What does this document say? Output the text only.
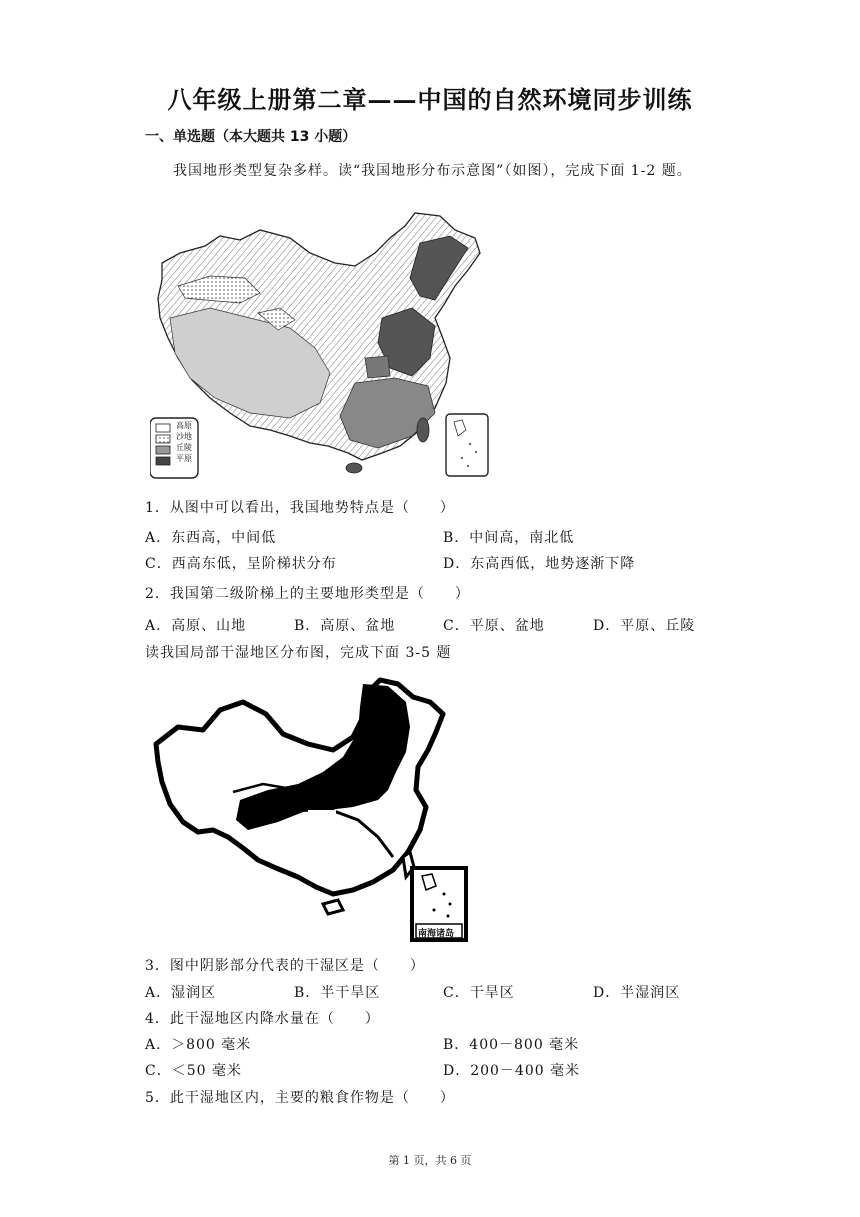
八年级上册第二章——中国的自然环境同步训练
一、单选题（本大题共 13 小题）
我国地形类型复杂多样。读“我国地形分布示意图”（如图），完成下面 1-2 题。
高原
沙地
丘陵
平原
1．从图中可以看出，我国地势特点是（　　）
A．东西高，中间低	B．中间高，南北低
C．西高东低，呈阶梯状分布	D．东高西低，地势逐渐下降
2．我国第二级阶梯上的主要地形类型是（　　）
A．高原、山地	B．高原、盆地	C．平原、盆地	D．平原、丘陵
读我国局部干湿地区分布图，完成下面 3-5 题
南海诸岛
3．图中阴影部分代表的干湿区是（　　）
A．湿润区	B．半干旱区	C．干旱区	D．半湿润区
4．此干湿地区内降水量在（　　）
A．＞800 毫米	B．400－800 毫米
C．＜50 毫米	D．200－400 毫米
5．此干湿地区内，主要的粮食作物是（　　）
第 1 页，共 6 页
